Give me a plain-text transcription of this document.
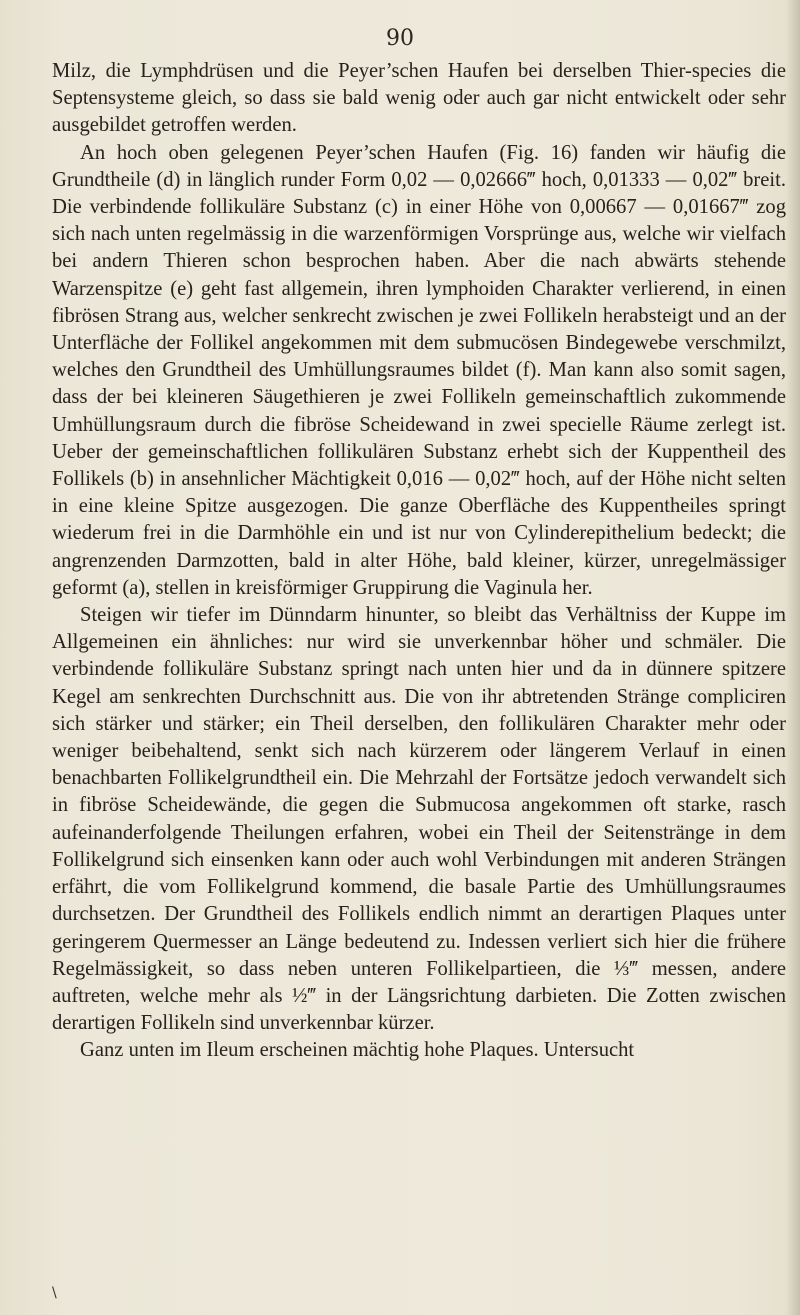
90

Milz, die Lymphdrüsen und die Peyer’schen Haufen bei derselben Thier-species die Septensysteme gleich, so dass sie bald wenig oder auch gar nicht entwickelt oder sehr ausgebildet getroffen werden.

An hoch oben gelegenen Peyer’schen Haufen (Fig. 16) fanden wir häufig die Grundtheile (d) in länglich runder Form 0,02 — 0,02666‴ hoch, 0,01333 — 0,02‴ breit. Die verbindende follikuläre Substanz (c) in einer Höhe von 0,00667 — 0,01667‴ zog sich nach unten regelmässig in die warzenförmigen Vorsprünge aus, welche wir vielfach bei andern Thieren schon besprochen haben. Aber die nach abwärts stehende Warzenspitze (e) geht fast allgemein, ihren lymphoiden Charakter verlierend, in einen fibrösen Strang aus, welcher senkrecht zwischen je zwei Follikeln herabsteigt und an der Unterfläche der Follikel angekommen mit dem submucösen Bindegewebe verschmilzt, welches den Grundtheil des Umhüllungsraumes bildet (f). Man kann also somit sagen, dass der bei kleineren Säugethieren je zwei Follikeln gemeinschaftlich zukommende Umhüllungsraum durch die fibröse Scheidewand in zwei specielle Räume zerlegt ist. Ueber der gemeinschaftlichen follikulären Substanz erhebt sich der Kuppentheil des Follikels (b) in ansehnlicher Mächtigkeit 0,016 — 0,02‴ hoch, auf der Höhe nicht selten in eine kleine Spitze ausgezogen. Die ganze Oberfläche des Kuppentheiles springt wiederum frei in die Darmhöhle ein und ist nur von Cylinderepithelium bedeckt; die angrenzenden Darmzotten, bald in alter Höhe, bald kleiner, kürzer, unregelmässiger geformt (a), stellen in kreisförmiger Gruppirung die Vaginula her.

Steigen wir tiefer im Dünndarm hinunter, so bleibt das Verhältniss der Kuppe im Allgemeinen ein ähnliches: nur wird sie unverkennbar höher und schmäler. Die verbindende follikuläre Substanz springt nach unten hier und da in dünnere spitzere Kegel am senkrechten Durchschnitt aus. Die von ihr abtretenden Stränge compliciren sich stärker und stärker; ein Theil derselben, den follikulären Charakter mehr oder weniger beibehaltend, senkt sich nach kürzerem oder längerem Verlauf in einen benachbarten Follikelgrundtheil ein. Die Mehrzahl der Fortsätze jedoch verwandelt sich in fibröse Scheidewände, die gegen die Submucosa angekommen oft starke, rasch aufeinanderfolgende Theilungen erfahren, wobei ein Theil der Seitenstränge in dem Follikelgrund sich einsenken kann oder auch wohl Verbindungen mit anderen Strängen erfährt, die vom Follikelgrund kommend, die basale Partie des Umhüllungsraumes durchsetzen. Der Grundtheil des Follikels endlich nimmt an derartigen Plaques unter geringerem Quermesser an Länge bedeutend zu. Indessen verliert sich hier die frühere Regelmässigkeit, so dass neben unteren Follikelpartieen, die ⅓‴ messen, andere auftreten, welche mehr als ½‴ in der Längsrichtung darbieten. Die Zotten zwischen derartigen Follikeln sind unverkennbar kürzer.

Ganz unten im Ileum erscheinen mächtig hohe Plaques. Untersucht

\
